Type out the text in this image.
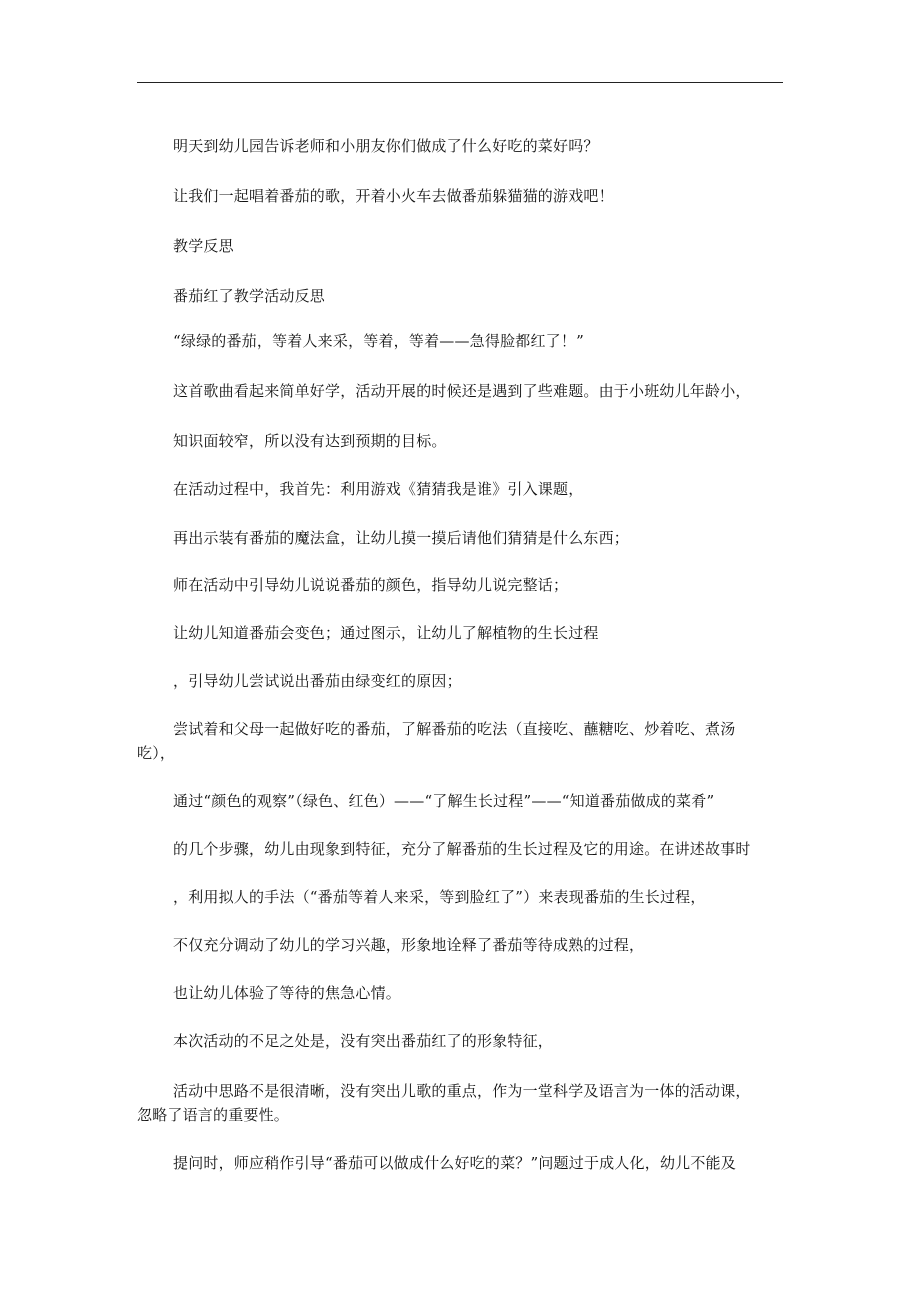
明天到幼儿园告诉老师和小朋友你们做成了什么好吃的菜好吗？
让我们一起唱着番茄的歌，开着小火车去做番茄躲猫猫的游戏吧！
教学反思
番茄红了教学活动反思
“绿绿的番茄，等着人来采，等着，等着——急得脸都红了！”
这首歌曲看起来简单好学，活动开展的时候还是遇到了些难题。由于小班幼儿年龄小，
知识面较窄，所以没有达到预期的目标。
在活动过程中，我首先：利用游戏《猜猜我是谁》引入课题，
再出示装有番茄的魔法盒，让幼儿摸一摸后请他们猜猜是什么东西；
师在活动中引导幼儿说说番茄的颜色，指导幼儿说完整话；
让幼儿知道番茄会变色；通过图示，让幼儿了解植物的生长过程
，引导幼儿尝试说出番茄由绿变红的原因；
尝试着和父母一起做好吃的番茄，了解番茄的吃法（直接吃、蘸糖吃、炒着吃、煮汤
吃），
通过“颜色的观察”（绿色、红色）——“了解生长过程”——“知道番茄做成的菜肴”
的几个步骤，幼儿由现象到特征，充分了解番茄的生长过程及它的用途。在讲述故事时
，利用拟人的手法（“番茄等着人来采，等到脸红了”）来表现番茄的生长过程，
不仅充分调动了幼儿的学习兴趣，形象地诠释了番茄等待成熟的过程，
也让幼儿体验了等待的焦急心情。
本次活动的不足之处是，没有突出番茄红了的形象特征，
活动中思路不是很清晰，没有突出儿歌的重点，作为一堂科学及语言为一体的活动课，
忽略了语言的重要性。
提问时，师应稍作引导“番茄可以做成什么好吃的菜？”问题过于成人化，幼儿不能及
